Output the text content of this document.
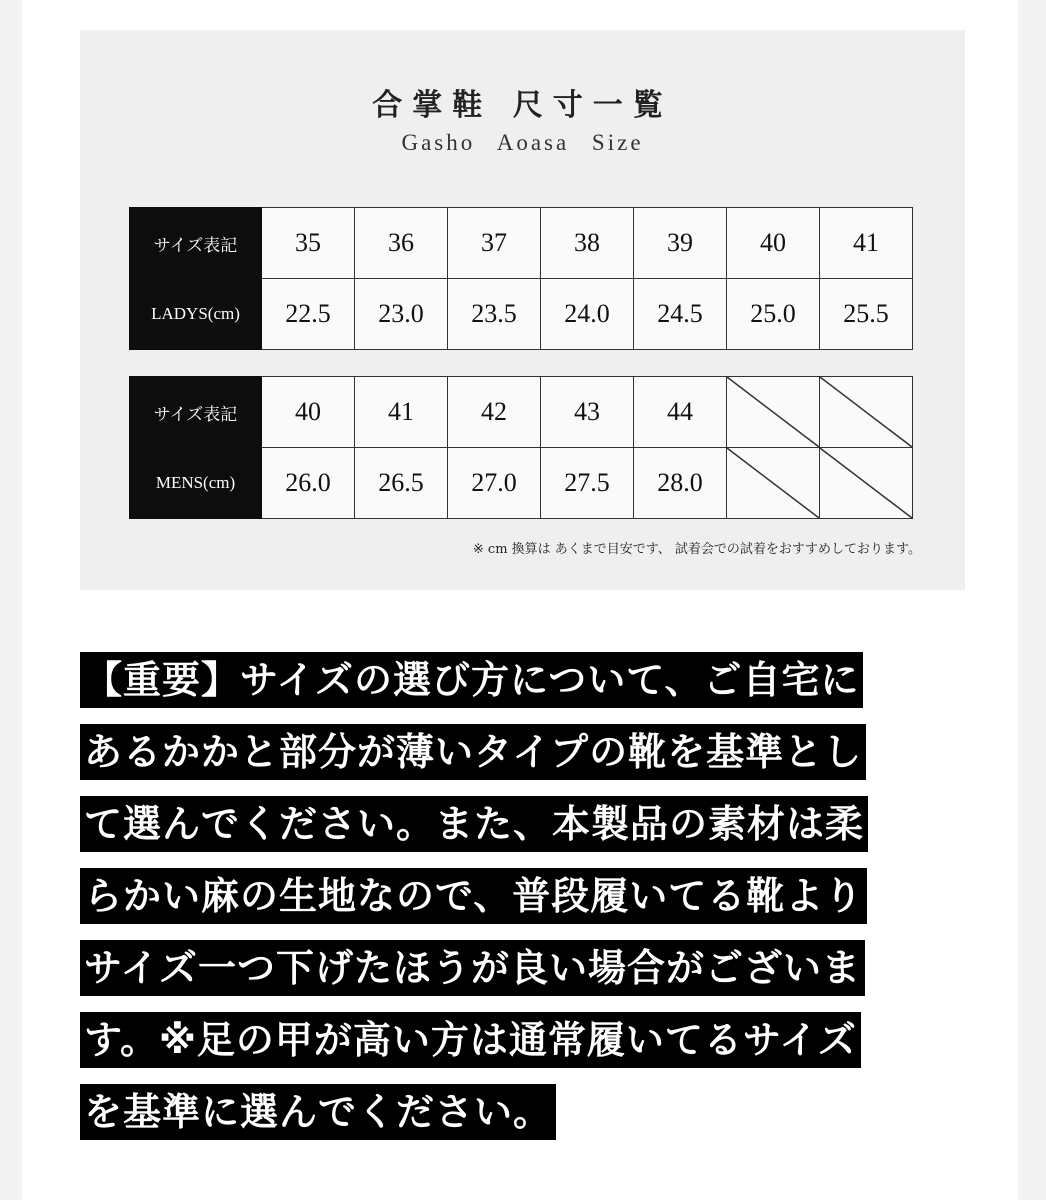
合掌鞋 尺寸一覧
Gasho Aoasa Size
サイズ表記	35	36	37	38	39	40	41
LADYS(cm)	22.5	23.0	23.5	24.0	24.5	25.0	25.5
サイズ表記	40	41	42	43	44	

MENS(cm)	26.0	26.5	27.0	27.5	28.0	

※ cm 換算は あくまで目安です、 試着会での試着をおすすめしております。
【重要】サイズの選び方について、ご自宅に
あるかかと部分が薄いタイプの靴を基準とし
て選んでください。また、本製品の素材は柔
らかい麻の生地なので、普段履いてる靴より
サイズ一つ下げたほうが良い場合がございま
す。※足の甲が高い方は通常履いてるサイズ
を基準に選んでください。
